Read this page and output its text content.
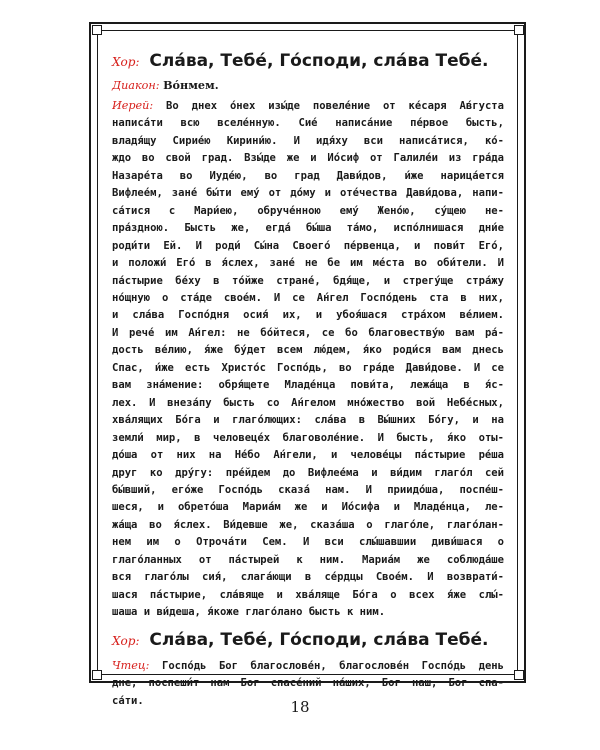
Хор: Сла́ва, Тебе́, Го́споди, сла́ва Тебе́.
Диакон: Во́нмем.
Иерей: Во днех о́нех изы́де повеле́ние от ке́саря А́вгуста
написа́ти всю вселе́нную. Сие́ написа́ние пе́рвое бысть,
владя́щу Сирие́ю Кирини́ю. И идя́ху вси написа́тися, ко́-
ждо во свой град. Взы́де же и Ио́сиф от Галиле́и из гра́да
Назаре́та во Иуде́ю, во град Дави́дов, и́же нарица́ется
Вифлее́м, зане́ бы́ти ему́ от до́му и оте́чества Дави́дова, напи-
са́тися с Мари́ею, обруче́нною ему́ Жено́ю, су́щею не-
пра́здною. Бысть же, егда́ бы́ша та́мо, испо́лнишася дни́е
роди́ти Ей. И роди́ Сы́на Своего́ пе́рвенца, и пови́т Его́,
и положи́ Его́ в я́слех, зане́ не бе им ме́ста во оби́тели. И
па́стырие бе́ху в то́йже стране́, бдя́ще, и стрегу́ще стра́жу
но́щную о ста́де свое́м. И се А́нгел Госпо́день ста в них,
и сла́ва Госпо́дня осия́ их, и убоя́шася стра́хом ве́лием.
И рече́ им А́нгел: не бо́йтеся, се бо благовеству́ю вам ра́-
дость ве́лию, я́же бу́дет всем лю́дем, я́ко роди́ся вам днесь
Спас, и́же есть Христо́с Госпо́дь, во гра́де Дави́дове. И се
вам зна́мение: обря́щете Младе́нца пови́та, лежа́ща в я́с-
лех. И внеза́пу бысть со А́нгелом мно́жество вой Небе́сных,
хва́лящих Бо́га и глаго́лющих: сла́ва в Вы́шних Бо́гу, и на
земли́ мир, в человеце́х благоволе́ние. И бысть, я́ко оты-
до́ша от них на Не́бо А́нгели, и челове́цы па́стырие ре́ша
друг ко дру́гу: пре́йдем до Вифлее́ма и ви́дим глаго́л сей
бы́вший, его́же Госпо́дь сказа́ нам. И приидо́ша, поспе́ш-
шеся, и обрето́ша Мариа́м же и Ио́сифа и Младе́нца, ле-
жа́ща во я́слех. Ви́девше же, сказа́ша о глаго́ле, глаго́лан-
нем им о Отроча́ти Сем. И вси слы́шавшии диви́шася о
глаго́ланных от па́стырей к ним. Мариа́м же соблюда́ше
вся глаго́лы сия́, слага́ющи в се́рдцы Свое́м. И возврати́-
шася па́стырие, сла́вяще и хва́ляще Бо́га о всех я́же слы́-
шаша и ви́деша, я́коже глаго́лано бысть к ним.
Хор: Сла́ва, Тебе́, Го́споди, сла́ва Тебе́.
Чтец: Госпо́дь Бог благослове́н, благослове́н Госпо́дь день
дне, поспеши́т нам Бог спасе́ний на́ших, Бог наш, Бог спа-
са́ти.	18
